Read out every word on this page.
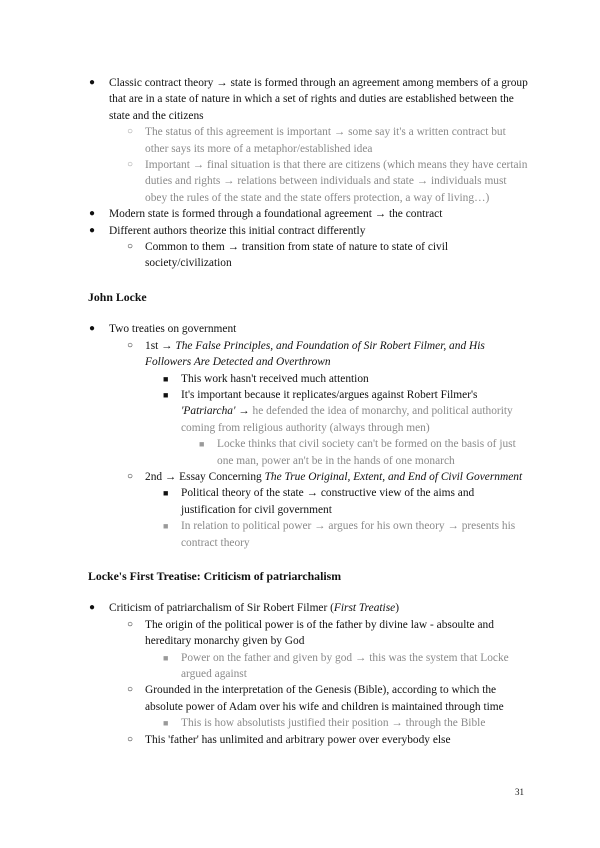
● Classic contract theory → state is formed through an agreement among members of a group that are in a state of nature in which a set of rights and duties are established between the state and the citizens
○ The status of this agreement is important → some say it's a written contract but other says its more of a metaphor/established idea
○ Important → final situation is that there are citizens (which means they have certain duties and rights → relations between individuals and state → individuals must obey the rules of the state and the state offers protection, a way of living…)
● Modern state is formed through a foundational agreement → the contract
● Different authors theorize this initial contract differently
○ Common to them → transition from state of nature to state of civil society/civilization
John Locke
● Two treaties on government
○ 1st → The False Principles, and Foundation of Sir Robert Filmer, and His Followers Are Detected and Overthrown
■ This work hasn't received much attention
■ It's important because it replicates/argues against Robert Filmer's 'Patriarcha' → he defended the idea of monarchy, and political authority coming from religious authority (always through men)
■ Locke thinks that civil society can't be formed on the basis of just one man, power an't be in the hands of one monarch
○ 2nd → Essay Concerning The True Original, Extent, and End of Civil Government
■ Political theory of the state → constructive view of the aims and justification for civil government
■ In relation to political power → argues for his own theory → presents his contract theory
Locke's First Treatise: Criticism of patriarchalism
● Criticism of patriarchalism of Sir Robert Filmer (First Treatise)
○ The origin of the political power is of the father by divine law - absoulte and hereditary monarchy given by God
■ Power on the father and given by god → this was the system that Locke argued against
○ Grounded in the interpretation of the Genesis (Bible), according to which the absolute power of Adam over his wife and children is maintained through time
■ This is how absolutists justified their position → through the Bible
○ This 'father' has unlimited and arbitrary power over everybody else
31
